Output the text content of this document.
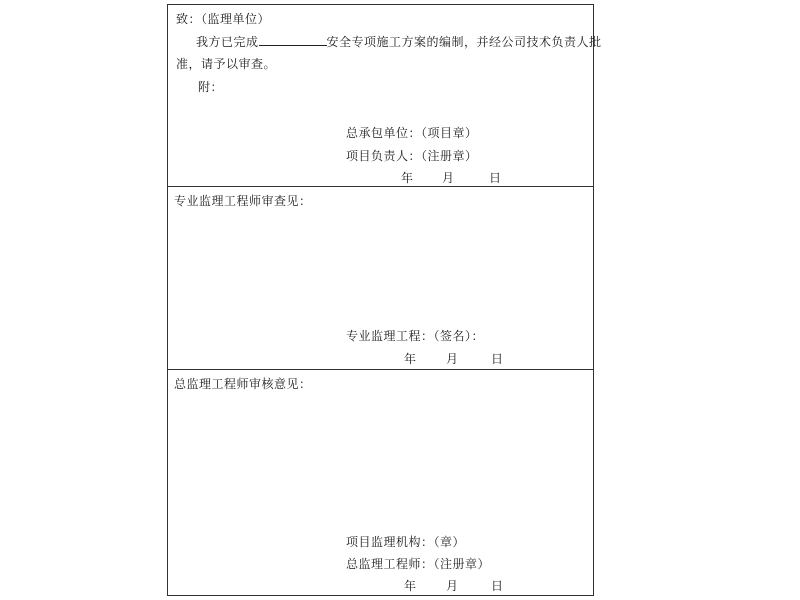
致：（监理单位）
我方已完成	安全专项施工方案的编制，并经公司技术负责人批
准，请予以审查。
附：
总承包单位：（项目章）
项目负责人：（注册章）
年 月	日
专业监理工程师审查见：
专业监理工程：（签名）：
年 月	日
总监理工程师审核意见：
项目监理机构：（章）
总监理工程师：（注册章）
年 月	日
